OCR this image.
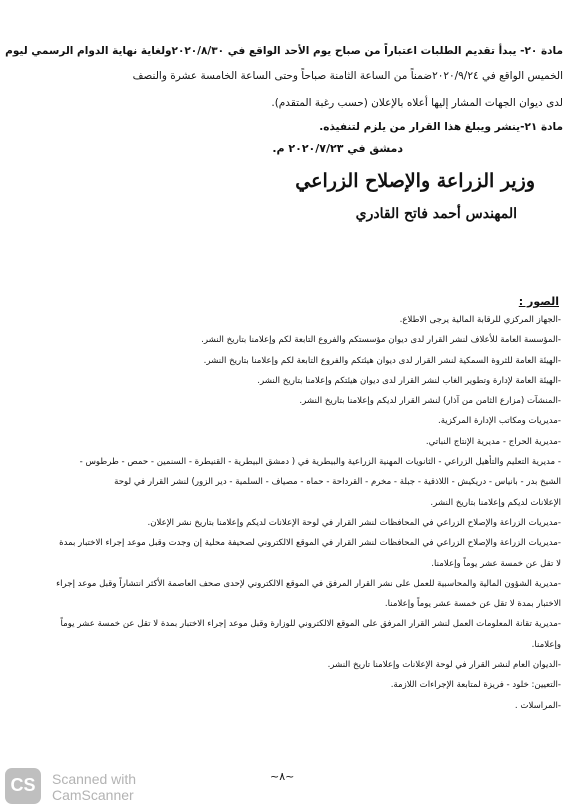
مادة ٢٠- يبدأ تقديم الطلبات اعتباراً من صباح يوم الأحد الواقع في ٢٠٢٠/٨/٣٠ولغاية نهاية الدوام الرسمي ليوم
الخميس الواقع في ٢٠٢٠/٩/٢٤ضمناً من الساعة الثامنة صباحاً وحتى الساعة الخامسة عشرة والنصف
لدى ديوان الجهات المشار إليها أعلاه بالإعلان (حسب رغبة المتقدم).
مادة ٢١-ينشر ويبلغ هذا القرار من يلزم لتنفيذه.
دمشق في ٢٠٢٠/٧/٢٣ م.
وزير الزراعة والإصلاح الزراعي
المهندس أحمد فاتح القادري
الصور :
-الجهاز المركزي للرقابة المالية يرجى الاطلاع.
-المؤسسة العامة للأعلاف لنشر القرار لدى ديوان مؤسستكم والفروع التابعة لكم وإعلامنا بتاريخ النشر.
-الهيئة العامة للثروة السمكية لنشر القرار لدى ديوان هيئتكم والفروع التابعة لكم وإعلامنا بتاريخ النشر.
-الهيئة العامة لإدارة وتطوير الغاب لنشر القرار لدى ديوان هيئتكم وإعلامنا بتاريخ النشر.
-المنشآت (مزارع الثامن من آذار) لنشر القرار لديكم وإعلامنا بتاريخ النشر.
-مديريات ومكاتب الإدارة المركزية.
-مديرية الحراج - مديرية الإنتاج النباتي.
- مديرية التعليم والتأهيل الزراعي - الثانويات المهنية الزراعية والبيطرية في ( دمشق البيطرية - القنيطرة - السنمين - حمص - طرطوس -
الشيخ بدر - بانياس - دريكيش - اللاذقية - جبلة - مخرم - القرداحة - حماه - مصياف - السلمية - دير الزور) لنشر القرار في لوحة
الإعلانات لديكم وإعلامنا بتاريخ النشر.
-مديريات الزراعة والإصلاح الزراعي في المحافظات لنشر القرار في لوحة الإعلانات لديكم وإعلامنا بتاريخ نشر الإعلان.
-مديريات الزراعة والإصلاح الزراعي في المحافظات لنشر القرار في الموقع الالكتروني لصحيفة محلية إن وجدت وقبل موعد إجراء الاختبار بمدة
لا تقل عن خمسة عشر يوماً وإعلامنا.
-مديرية الشؤون المالية والمحاسبية للعمل على نشر القرار المرفق في الموقع الالكتروني لإحدى صحف العاصمة الأكثر انتشاراً وقبل موعد إجراء
الاختبار بمدة لا تقل عن خمسة عشر يوماً وإعلامنا.
-مديرية تقانة المعلومات العمل لنشر القرار المرفق على الموقع الالكتروني للوزارة وقبل موعد إجراء الاختبار بمدة لا تقل عن خمسة عشر يوماً
وإعلامنا.
-الديوان العام لنشر القرار في لوحة الإعلانات وإعلامنا تاريخ النشر.
-التعيين: خلود - فريزة لمتابعة الإجراءات اللازمة.
-المراسلات .
~٨~
CS	Scanned with
CamScanner
